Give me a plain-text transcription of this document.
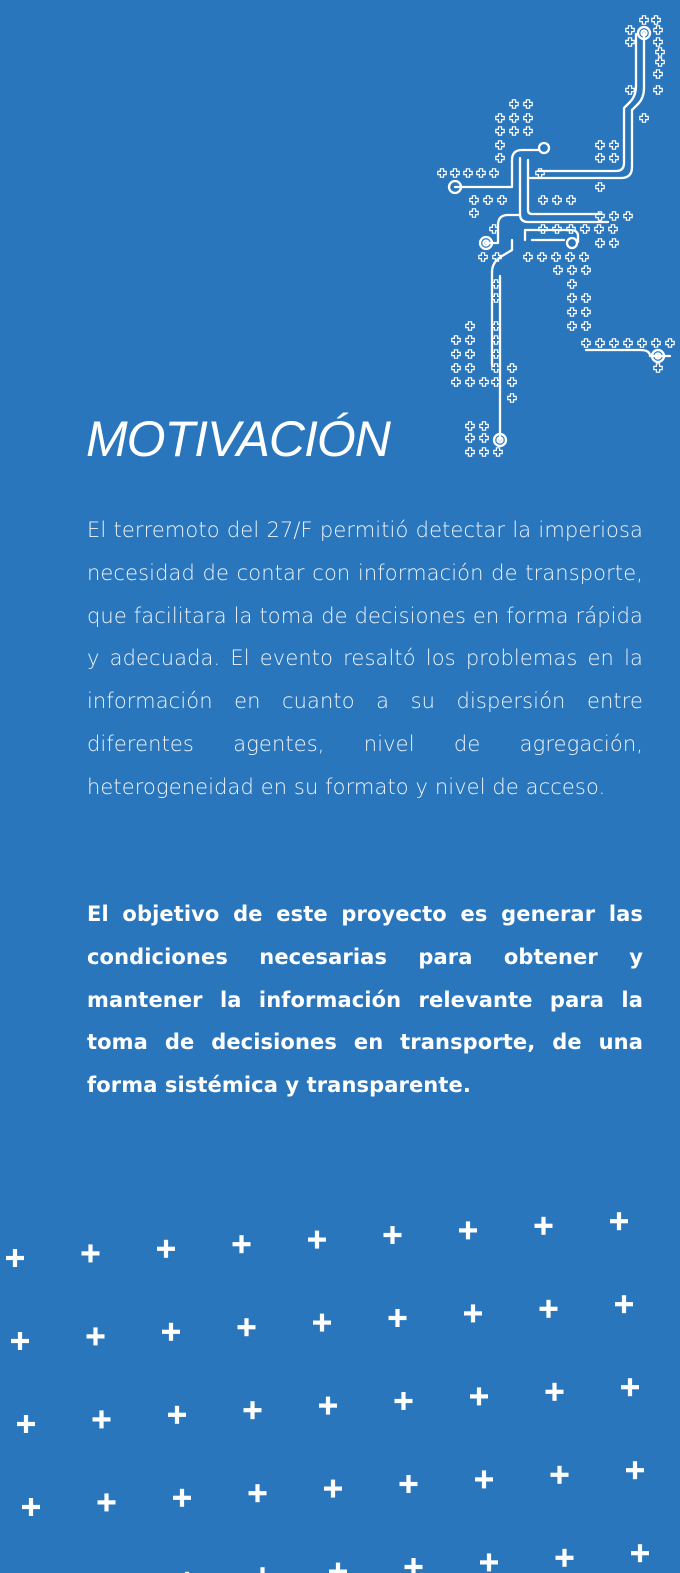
MOTIVACIÓN

El terremoto del 27/F permitió detectar la imperiosa necesidad de contar con información de transporte, que facilitara la toma de decisiones en forma rápida y adecuada. El evento resaltó los problemas en la información en cuanto a su dispersión entre diferentes agentes, nivel de agregación, heterogeneidad en su formato y nivel de acceso.

El objetivo de este proyecto es generar las condiciones necesarias para obtener y mantener la información relevante para la toma de decisiones en transporte, de una forma sistémica y transparente.
